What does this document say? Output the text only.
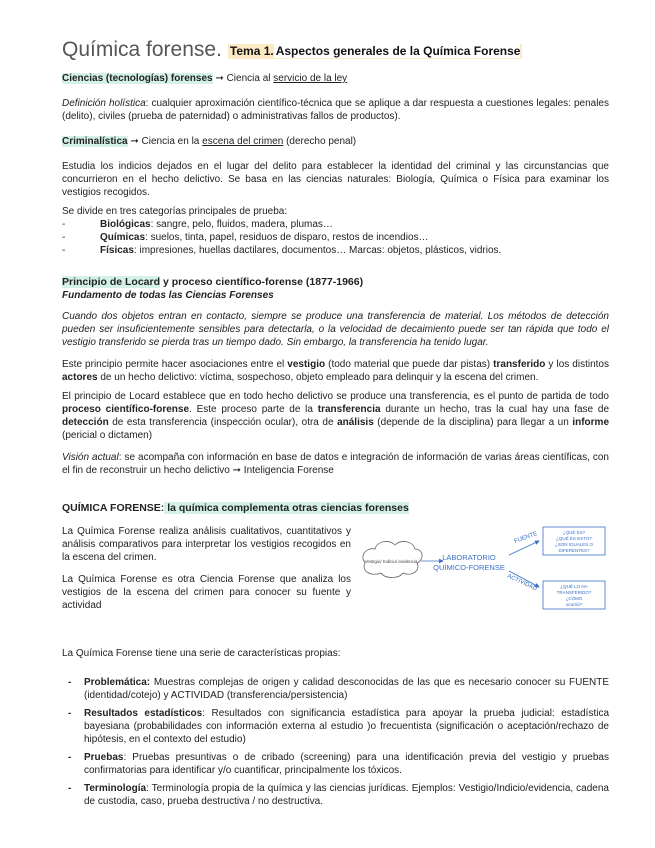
Química forense. Tema 1. Aspectos generales de la Química Forense

Ciencias (tecnologías) forenses ➞ Ciencia al servicio de la ley

Definición holística: cualquier aproximación científico-técnica que se aplique a dar respuesta a cuestiones legales: penales (delito), civiles (prueba de paternidad) o administrativas fallos de productos).

Criminalística ➞ Ciencia en la escena del crimen (derecho penal)

Estudia los indicios dejados en el lugar del delito para establecer la identidad del criminal y las circunstancias que concurrieron en el hecho delictivo. Se basa en las ciencias naturales: Biología, Química o Física para examinar los vestigios recogidos.

Se divide en tres categorías principales de prueba:

-	Biológicas: sangre, pelo, fluidos, madera, plumas…
-	Químicas: suelos, tinta, papel, residuos de disparo, restos de incendios…
-	Físicas: impresiones, huellas dactilares, documentos… Marcas: objetos, plásticos, vidrios.

Principio de Locard y proceso científico-forense (1877-1966)

Fundamento de todas las Ciencias Forenses

Cuando dos objetos entran en contacto, siempre se produce una transferencia de material. Los métodos de detección pueden ser insuficientemente sensibles para detectarla, o la velocidad de decaimiento puede ser tan rápida que todo el vestigio transferido se pierda tras un tiempo dado. Sin embargo, la transferencia ha tenido lugar.

Este principio permite hacer asociaciones entre el vestigio (todo material que puede dar pistas) transferido y los distintos actores de un hecho delictivo: víctima, sospechoso, objeto empleado para delinquir y la escena del crimen.

El principio de Locard establece que en todo hecho delictivo se produce una transferencia, es el punto de partida de todo proceso científico-forense. Este proceso parte de la transferencia durante un hecho, tras la cual hay una fase de detección de esta transferencia (inspección ocular), otra de análisis (depende de la disciplina) para llegar a un informe (pericial o dictamen)

Visión actual: se acompaña con información en base de datos e integración de información de varias áreas científicas, con el fin de reconstruir un hecho delictivo ➞ Inteligencia Forense

QUÍMICA FORENSE: la química complementa otras ciencias forenses

La Química Forense realiza análisis cualitativos, cuantitativos y análisis comparativos para interpretar los vestigios recogidos en la escena del crimen.

La Química Forense es otra Ciencia Forense que analiza los vestigios de la escena del crimen para conocer su fuente y actividad

Vestigio/ Indicio/ evidencia	LABORATORIO
QUÍMICO-FORENSE
FUENTE
ACTIVIDAD
¿QUÉ ES?
¿QUÉ ES ESTO?
¿SON IGUALES O
DIFERENTES?
¿QUÉ LO HA
TRANSFERIDO?
¿CÓMO
ocurrió?

La Química Forense tiene una serie de características propias:

-	Problemática: Muestras complejas de origen y calidad desconocidas de las que es necesario conocer su FUENTE (identidad/cotejo) y ACTIVIDAD (transferencia/persistencia)
-	Resultados estadísticos: Resultados con significancia estadística para apoyar la prueba judicial: estadística bayesiana (probabilidades con información externa al estudio )o frecuentista (significación o aceptación/rechazo de hipótesis, en el contexto del estudio)
-	Pruebas: Pruebas presuntivas o de cribado (screening) para una identificación previa del vestigio y pruebas confirmatorias para identificar y/o cuantificar, principalmente los tóxicos.
-	Terminología: Terminología propia de la química y las ciencias jurídicas. Ejemplos: Vestigio/Indicio/evidencia, cadena de custodia, caso, prueba destructiva / no destructiva.
